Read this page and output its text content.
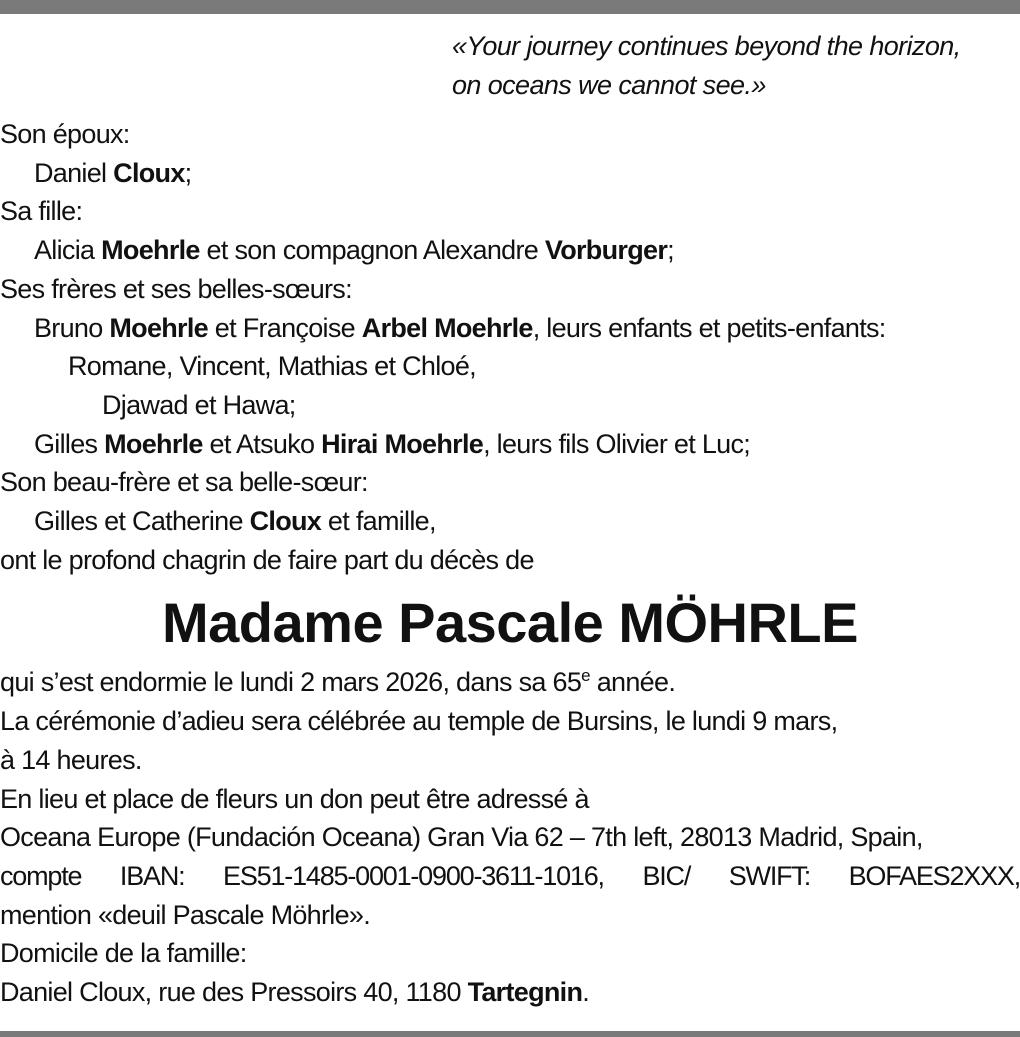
«Your journey continues beyond the horizon,
on oceans we cannot see.»
Son époux:
Daniel Cloux;
Sa fille:
Alicia Moehrle et son compagnon Alexandre Vorburger;
Ses frères et ses belles-sœurs:
Bruno Moehrle et Françoise Arbel Moehrle, leurs enfants et petits-enfants:
Romane, Vincent, Mathias et Chloé,
Djawad et Hawa;
Gilles Moehrle et Atsuko Hirai Moehrle, leurs fils Olivier et Luc;
Son beau-frère et sa belle-sœur:
Gilles et Catherine Cloux et famille,
ont le profond chagrin de faire part du décès de
Madame Pascale MÖHRLE
qui s’est endormie le lundi 2 mars 2026, dans sa 65e année.
La cérémonie d’adieu sera célébrée au temple de Bursins, le lundi 9 mars,
à 14 heures.
En lieu et place de fleurs un don peut être adressé à
Oceana Europe (Fundación Oceana) Gran Via 62 – 7th left, 28013 Madrid, Spain,
compte IBAN: ES51-1485-0001-0900-3611-1016, BIC/ SWIFT: BOFAES2XXX,
mention «deuil Pascale Möhrle».
Domicile de la famille:
Daniel Cloux, rue des Pressoirs 40, 1180 Tartegnin.
